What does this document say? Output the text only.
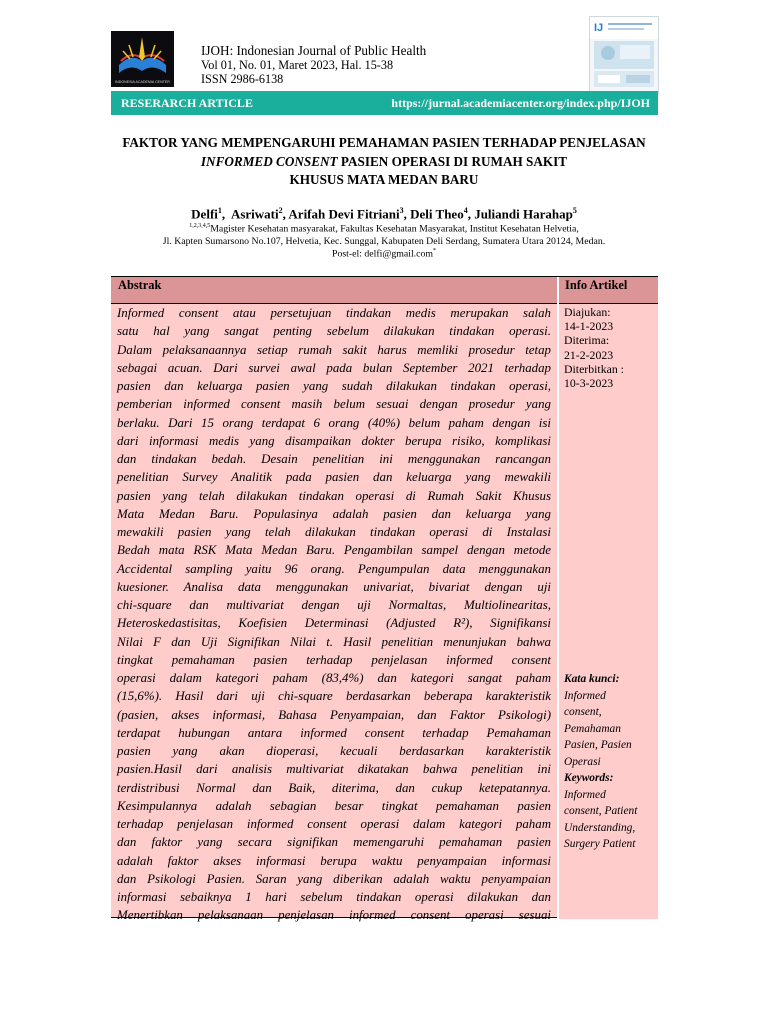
INDONESIA ACADEMIA CENTER
IJOH: Indonesian Journal of Public Health
Vol 01, No. 01, Maret 2023, Hal. 15-38
ISSN 2986-6138
IJ
RESERARCH ARTICLE	https://jurnal.academiacenter.org/index.php/IJOH
FAKTOR YANG MEMPENGARUHI PEMAHAMAN PASIEN TERHADAP PENJELASAN
INFORMED CONSENT PASIEN OPERASI DI RUMAH SAKIT
KHUSUS MATA MEDAN BARU
Delfi$^1$,  Asriwati$^2$, Arifah Devi Fitriani$^3$, Deli Theo$^4$, Juliandi Harahap$^5$
$^{1,2,3,4,5}$Magister Kesehatan masyarakat, Fakultas Kesehatan Masyarakat, Institut Kesehatan Helvetia,
Jl. Kapten Sumarsono No.107, Helvetia, Kec. Sunggal, Kabupaten Deli Serdang, Sumatera Utara 20124, Medan.
Post-el: delfi@gmail.com*
Abstrak	Info Artikel
Informed consent atau persetujuan tindakan medis merupakan salah
satu hal yang sangat penting sebelum dilakukan tindakan operasi.
Dalam pelaksanaannya setiap rumah sakit harus memliki prosedur tetap
sebagai acuan. Dari survei awal pada bulan September 2021 terhadap
pasien dan keluarga pasien yang sudah dilakukan tindakan operasi,
pemberian informed consent masih belum sesuai dengan prosedur yang
berlaku. Dari 15 orang terdapat 6 orang (40%) belum paham dengan isi
dari informasi medis yang disampaikan dokter berupa risiko, komplikasi
dan tindakan bedah. Desain penelitian ini menggunakan rancangan
penelitian Survey Analitik pada pasien dan keluarga yang mewakili
pasien yang telah dilakukan tindakan operasi di Rumah Sakit Khusus
Mata Medan Baru. Populasinya adalah pasien dan keluarga yang
mewakili pasien yang telah dilakukan tindakan operasi di Instalasi
Bedah mata RSK Mata Medan Baru. Pengambilan sampel dengan metode
Accidental sampling yaitu 96 orang. Pengumpulan data menggunakan
kuesioner. Analisa data menggunakan univariat, bivariat dengan uji
chi-square dan multivariat dengan uji Normaltas, Multiolinearitas,
Heteroskedastisitas, Koefisien Determinasi (Adjusted R²), Signifikansi
Nilai F dan Uji Signifikan Nilai t. Hasil penelitian menunjukan bahwa
tingkat pemahaman pasien terhadap penjelasan informed consent
operasi dalam kategori paham (83,4%) dan kategori sangat paham
(15,6%). Hasil dari uji chi-square berdasarkan beberapa karakteristik
(pasien, akses informasi, Bahasa Penyampaian, dan Faktor Psikologi)
terdapat hubungan antara informed consent terhadap Pemahaman
pasien yang akan dioperasi, kecuali berdasarkan karakteristik
pasien.Hasil dari analisis multivariat dikatakan bahwa penelitian ini
terdistribusi Normal dan Baik, diterima, dan cukup ketepatannya.
Kesimpulannya adalah sebagian besar tingkat pemahaman pasien
terhadap penjelasan informed consent operasi dalam kategori paham
dan faktor yang secara signifikan memengaruhi pemahaman pasien
adalah faktor akses informasi berupa waktu penyampaian informasi
dan Psikologi Pasien. Saran yang diberikan adalah waktu penyampaian
informasi sebaiknya 1 hari sebelum tindakan operasi dilakukan dan
Menertibkan pelaksanaan penjelasan informed consent operasi sesuai
Diajukan:
14-1-2023
Diterima:
21-2-2023
Diterbitkan :
10-3-2023
Kata kunci:
Informed
consent,
Pemahaman
Pasien, Pasien
Operasi
Keywords:
Informed
consent, Patient
Understanding,
Surgery Patient
